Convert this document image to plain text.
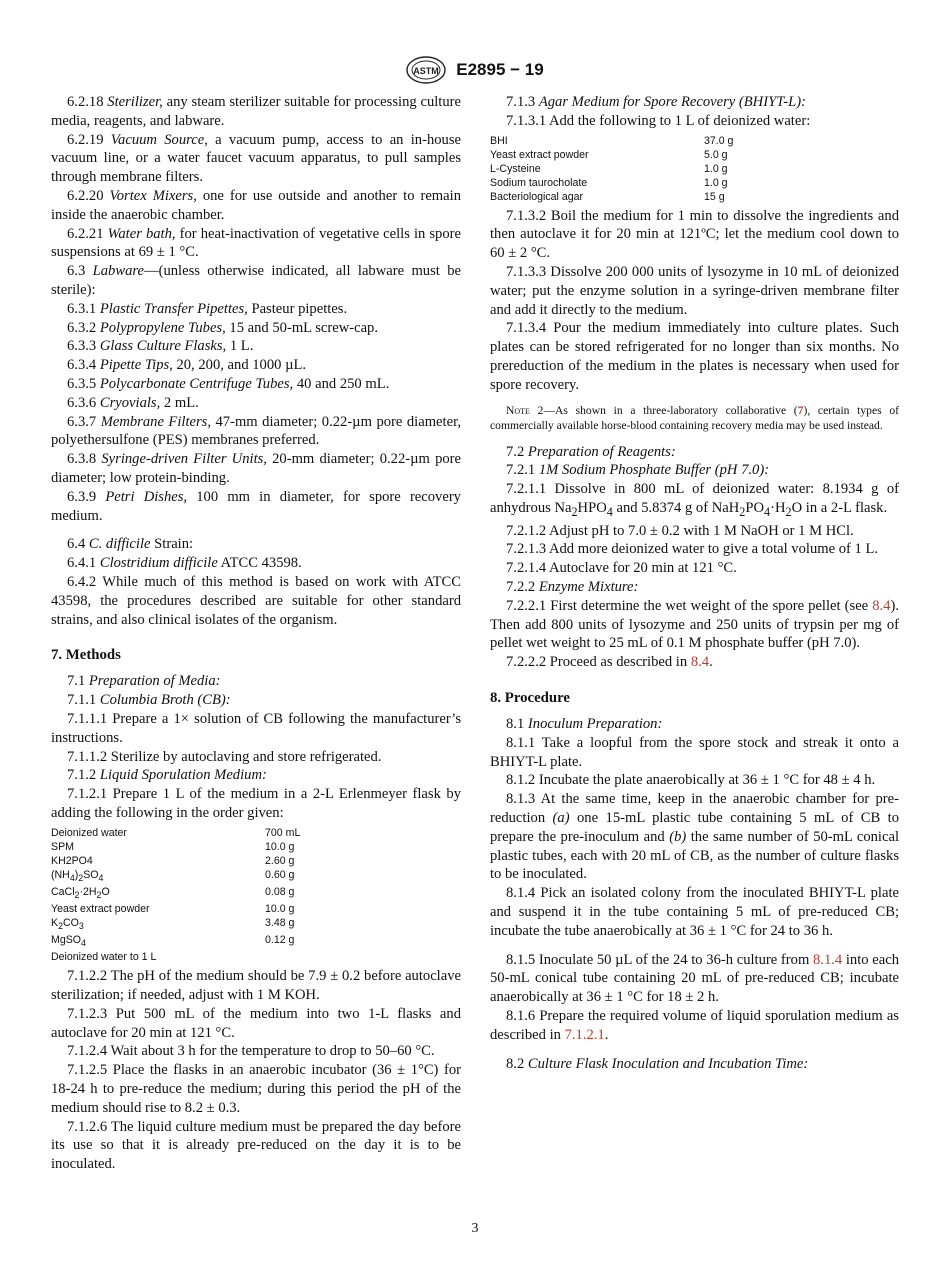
ASTM E2895 − 19

6.2.18 Sterilizer, any steam sterilizer suitable for processing culture media, reagents, and labware.

6.2.19 Vacuum Source, a vacuum pump, access to an in-house vacuum line, or a water faucet vacuum apparatus, to pull samples through membrane filters.

6.2.20 Vortex Mixers, one for use outside and another to remain inside the anaerobic chamber.

6.2.21 Water bath, for heat-inactivation of vegetative cells in spore suspensions at 69 ± 1 °C.

6.3 Labware—(unless otherwise indicated, all labware must be sterile):

6.3.1 Plastic Transfer Pipettes, Pasteur pipettes.

6.3.2 Polypropylene Tubes, 15 and 50-mL screw-cap.

6.3.3 Glass Culture Flasks, 1 L.

6.3.4 Pipette Tips, 20, 200, and 1000 µL.

6.3.5 Polycarbonate Centrifuge Tubes, 40 and 250 mL.

6.3.6 Cryovials, 2 mL.

6.3.7 Membrane Filters, 47-mm diameter; 0.22-µm pore diameter, polyethersulfone (PES) membranes preferred.

6.3.8 Syringe-driven Filter Units, 20-mm diameter; 0.22-µm pore diameter; low protein-binding.

6.3.9 Petri Dishes, 100 mm in diameter, for spore recovery medium.

6.4 C. difficile Strain:

6.4.1 Clostridium difficile ATCC 43598.

6.4.2 While much of this method is based on work with ATCC 43598, the procedures described are suitable for other standard strains, and also clinical isolates of the organism.

7. Methods

7.1 Preparation of Media:

7.1.1 Columbia Broth (CB):

7.1.1.1 Prepare a 1× solution of CB following the manufacturer’s instructions.

7.1.1.2 Sterilize by autoclaving and store refrigerated.

7.1.2 Liquid Sporulation Medium:

7.1.2.1 Prepare 1 L of the medium in a 2-L Erlenmeyer flask by adding the following in the order given:

Deionized water	700 mL
SPM	10.0 g
KH2PO4	2.60 g
$(NH_4)_2SO_4$	0.60 g
$CaCl_2\cdot 2H_2O$	0.08 g
Yeast extract powder	10.0 g
$K_2CO_3$	3.48 g
MgSO$_4$	0.12 g
Deionized water to 1 L	

7.1.2.2 The pH of the medium should be 7.9 ± 0.2 before autoclave sterilization; if needed, adjust with 1 M KOH.

7.1.2.3 Put 500 mL of the medium into two 1-L flasks and autoclave for 20 min at 121 °C.

7.1.2.4 Wait about 3 h for the temperature to drop to 50–60 °C.

7.1.2.5 Place the flasks in an anaerobic incubator (36 ± 1°C) for 18-24 h to pre-reduce the medium; during this period the pH of the medium should rise to 8.2 ± 0.3.

7.1.2.6 The liquid culture medium must be prepared the day before its use so that it is already pre-reduced on the day it is to be inoculated.

7.1.3 Agar Medium for Spore Recovery (BHIYT-L):

7.1.3.1 Add the following to 1 L of deionized water:

BHI	37.0 g
Yeast extract powder	5.0 g
L-Cysteine	1.0 g
Sodium taurocholate	1.0 g
Bacteriological agar	15 g

7.1.3.2 Boil the medium for 1 min to dissolve the ingredients and then autoclave it for 20 min at 121ºC; let the medium cool down to 60 ± 2 °C.

7.1.3.3 Dissolve 200 000 units of lysozyme in 10 mL of deionized water; put the enzyme solution in a syringe-driven membrane filter and add it directly to the medium.

7.1.3.4 Pour the medium immediately into culture plates. Such plates can be stored refrigerated for no longer than six months. No prereduction of the medium in the plates is necessary when used for spore recovery.

Note 2—As shown in a three-laboratory collaborative (7), certain types of commercially available horse-blood containing recovery media may be used instead.

7.2 Preparation of Reagents:

7.2.1 1M Sodium Phosphate Buffer (pH 7.0):

7.2.1.1 Dissolve in 800 mL of deionized water: 8.1934 g of anhydrous $Na_2HPO_4$ and 5.8374 g of $NaH_2PO_4\cdot H_2O$ in a 2-L flask.

7.2.1.2 Adjust pH to 7.0 ± 0.2 with 1 M NaOH or 1 M HCl.

7.2.1.3 Add more deionized water to give a total volume of 1 L.

7.2.1.4 Autoclave for 20 min at 121 °C.

7.2.2 Enzyme Mixture:

7.2.2.1 First determine the wet weight of the spore pellet (see 8.4). Then add 800 units of lysozyme and 250 units of trypsin per mg of pellet wet weight to 25 mL of 0.1 M phosphate buffer (pH 7.0).

7.2.2.2 Proceed as described in 8.4.

8. Procedure

8.1 Inoculum Preparation:

8.1.1 Take a loopful from the spore stock and streak it onto a BHIYT-L plate.

8.1.2 Incubate the plate anaerobically at 36 ± 1 °C for 48 ± 4 h.

8.1.3 At the same time, keep in the anaerobic chamber for pre-reduction (a) one 15-mL plastic tube containing 5 mL of CB to prepare the pre-inoculum and (b) the same number of 50-mL conical plastic tubes, each with 20 mL of CB, as the number of culture flasks to be inoculated.

8.1.4 Pick an isolated colony from the inoculated BHIYT-L plate and suspend it in the tube containing 5 mL of pre-reduced CB; incubate the tube anaerobically at 36 ± 1 °C for 24 to 36 h.

8.1.5 Inoculate 50 µL of the 24 to 36-h culture from 8.1.4 into each 50-mL conical tube containing 20 mL of pre-reduced CB; incubate anaerobically at 36 ± 1 °C for 18 ± 2 h.

8.1.6 Prepare the required volume of liquid sporulation medium as described in 7.1.2.1.

8.2 Culture Flask Inoculation and Incubation Time:

3
